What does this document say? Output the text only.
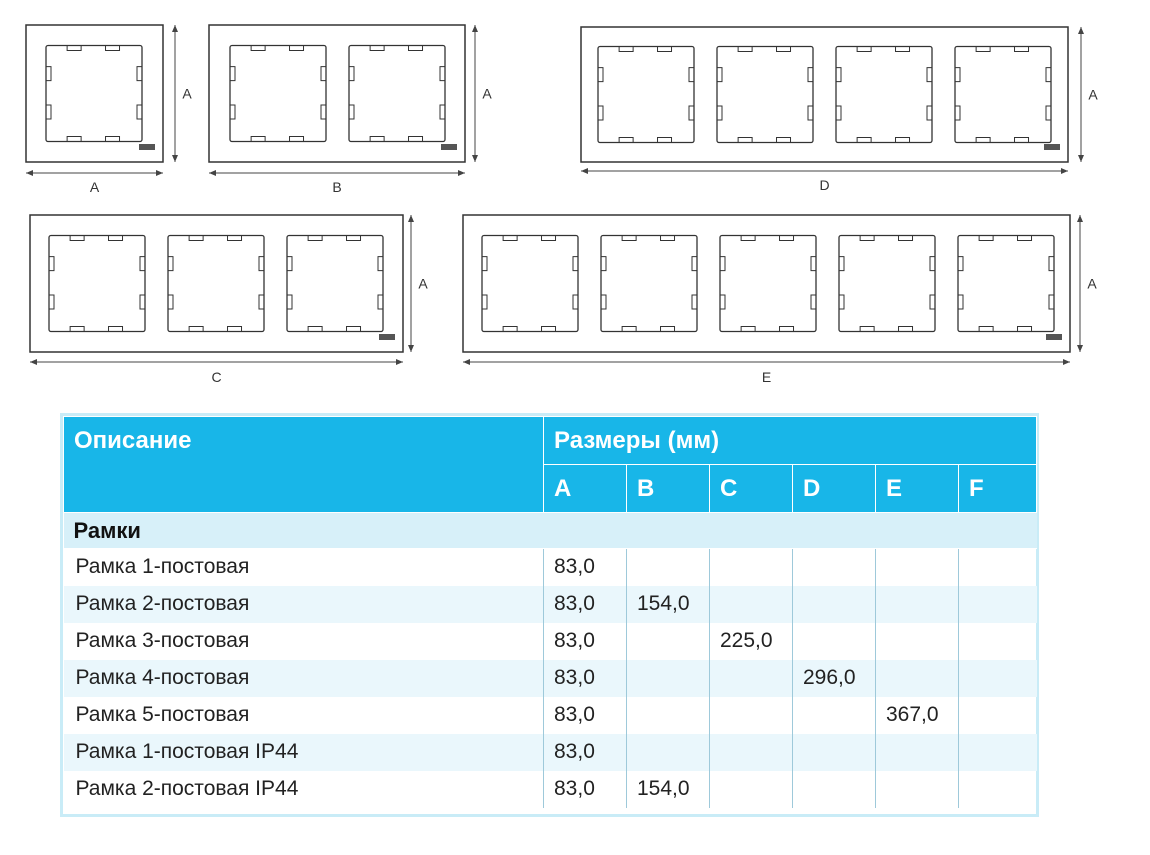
A
A
B
A
D
A
C
A
E
A
Описание	Размеры (мм)					
	A	B	C	D	E	F
Рамки						
Рамка 1-постовая	83,0					
Рамка 2-постовая	83,0	154,0				
Рамка 3-постовая	83,0		225,0			
Рамка 4-постовая	83,0			296,0		
Рамка 5-постовая	83,0				367,0	
Рамка 1-постовая IP44	83,0					
Рамка 2-постовая IP44	83,0	154,0				
